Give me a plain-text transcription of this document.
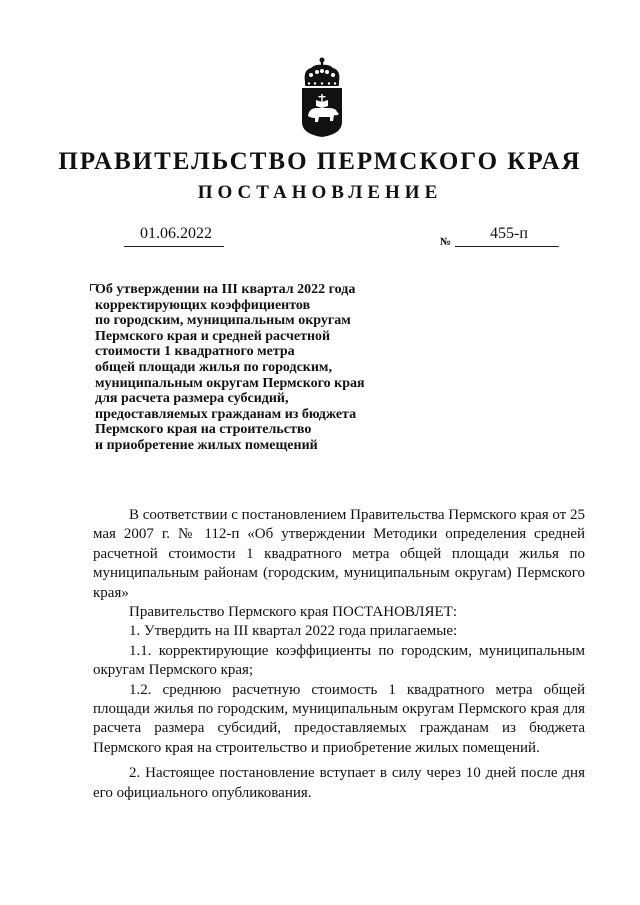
ПРАВИТЕЛЬСТВО ПЕРМСКОГО КРАЯ
ПОСТАНОВЛЕНИЕ
01.06.2022	№ 455-п
Об утверждении на III квартал 2022 года
корректирующих коэффициентов
по городским, муниципальным округам
Пермского края и средней расчетной
стоимости 1 квадратного метра
общей площади жилья по городским,
муниципальным округам Пермского края
для расчета размера субсидий,
предоставляемых гражданам из бюджета
Пермского края на строительство
и приобретение жилых помещений

В соответствии с постановлением Правительства Пермского края от 25 мая 2007 г. № 112-п «Об утверждении Методики определения средней расчетной стоимости 1 квадратного метра общей площади жилья по муниципальным районам (городским, муниципальным округам) Пермского края»

Правительство Пермского края ПОСТАНОВЛЯЕТ:

1. Утвердить на III квартал 2022 года прилагаемые:

1.1. корректирующие коэффициенты по городским, муниципальным округам Пермского края;

1.2. среднюю расчетную стоимость 1 квадратного метра общей площади жилья по городским, муниципальным округам Пермского края для расчета размера субсидий, предоставляемых гражданам из бюджета Пермского края на строительство и приобретение жилых помещений.

2. Настоящее постановление вступает в силу через 10 дней после дня его официального опубликования.
